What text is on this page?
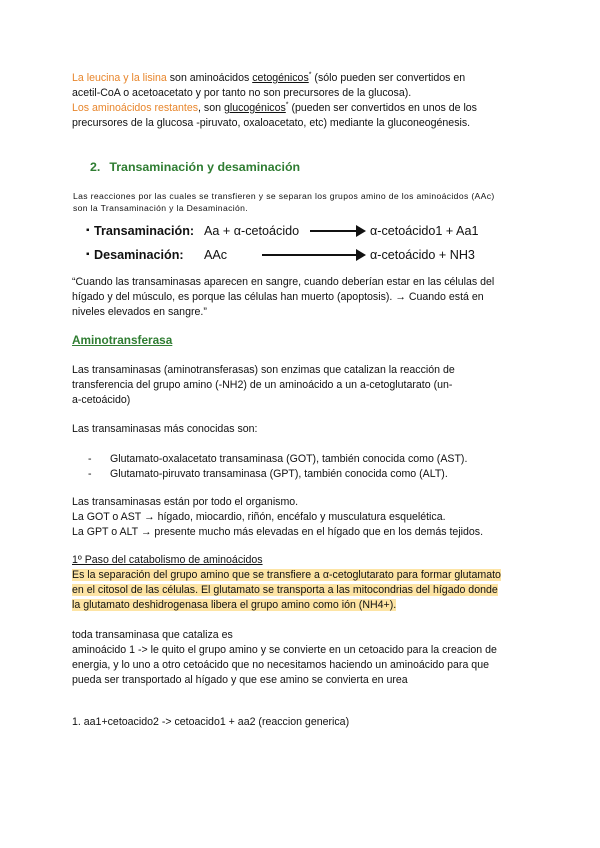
La leucina y la lisina son aminoácidos cetogénicos* (sólo pueden ser convertidos en
acetil-CoA o acetoacetato y por tanto no son precursores de la glucosa).
Los aminoácidos restantes, son glucogénicos* (pueden ser convertidos en unos de los
precursores de la glucosa -piruvato, oxaloacetato, etc) mediante la gluconeogénesis.
2. Transaminación y desaminación
Las reacciones por las cuales se transfieren y se separan los grupos amino de los aminoácidos (AAc)
son la Transaminación y la Desaminación.
▪ Transaminación: Aa + α-cetoácido	α-cetoácido1 + Aa1
▪ Desaminación: AAc	α-cetoácido + NH3
“Cuando las transaminasas aparecen en sangre, cuando deberían estar en las células del
hígado y del músculo, es porque las células han muerto (apoptosis). → Cuando está en
niveles elevados en sangre.”
Aminotransferasa
Las transaminasas (aminotransferasas) son enzimas que catalizan la reacción de
transferencia del grupo amino (-NH2) de un aminoácido a un a-cetoglutarato (un-
a-cetoácido)
Las transaminasas más conocidas son:
- Glutamato-oxalacetato transaminasa (GOT), también conocida como (AST).
- Glutamato-piruvato transaminasa (GPT), también conocida como (ALT).
Las transaminasas están por todo el organismo.
La GOT o AST → hígado, miocardio, riñón, encéfalo y musculatura esquelética.
La GPT o ALT → presente mucho más elevadas en el hígado que en los demás tejidos.
1º Paso del catabolismo de aminoácidos
Es la separación del grupo amino que se transfiere a α-cetoglutarato para formar glutamato
en el citosol de las células. El glutamato se transporta a las mitocondrias del hígado donde
la glutamato deshidrogenasa libera el grupo amino como ión (NH4+).
toda transaminasa que cataliza es
aminoácido 1 -> le quito el grupo amino y se convierte en un cetoacido para la creacion de
energia, y lo uno a otro cetoácido que no necesitamos haciendo un aminoácido para que
pueda ser transportado al hígado y que ese amino se convierta en urea
1. aa1+cetoacido2 -> cetoacido1 + aa2 (reaccion generica)
